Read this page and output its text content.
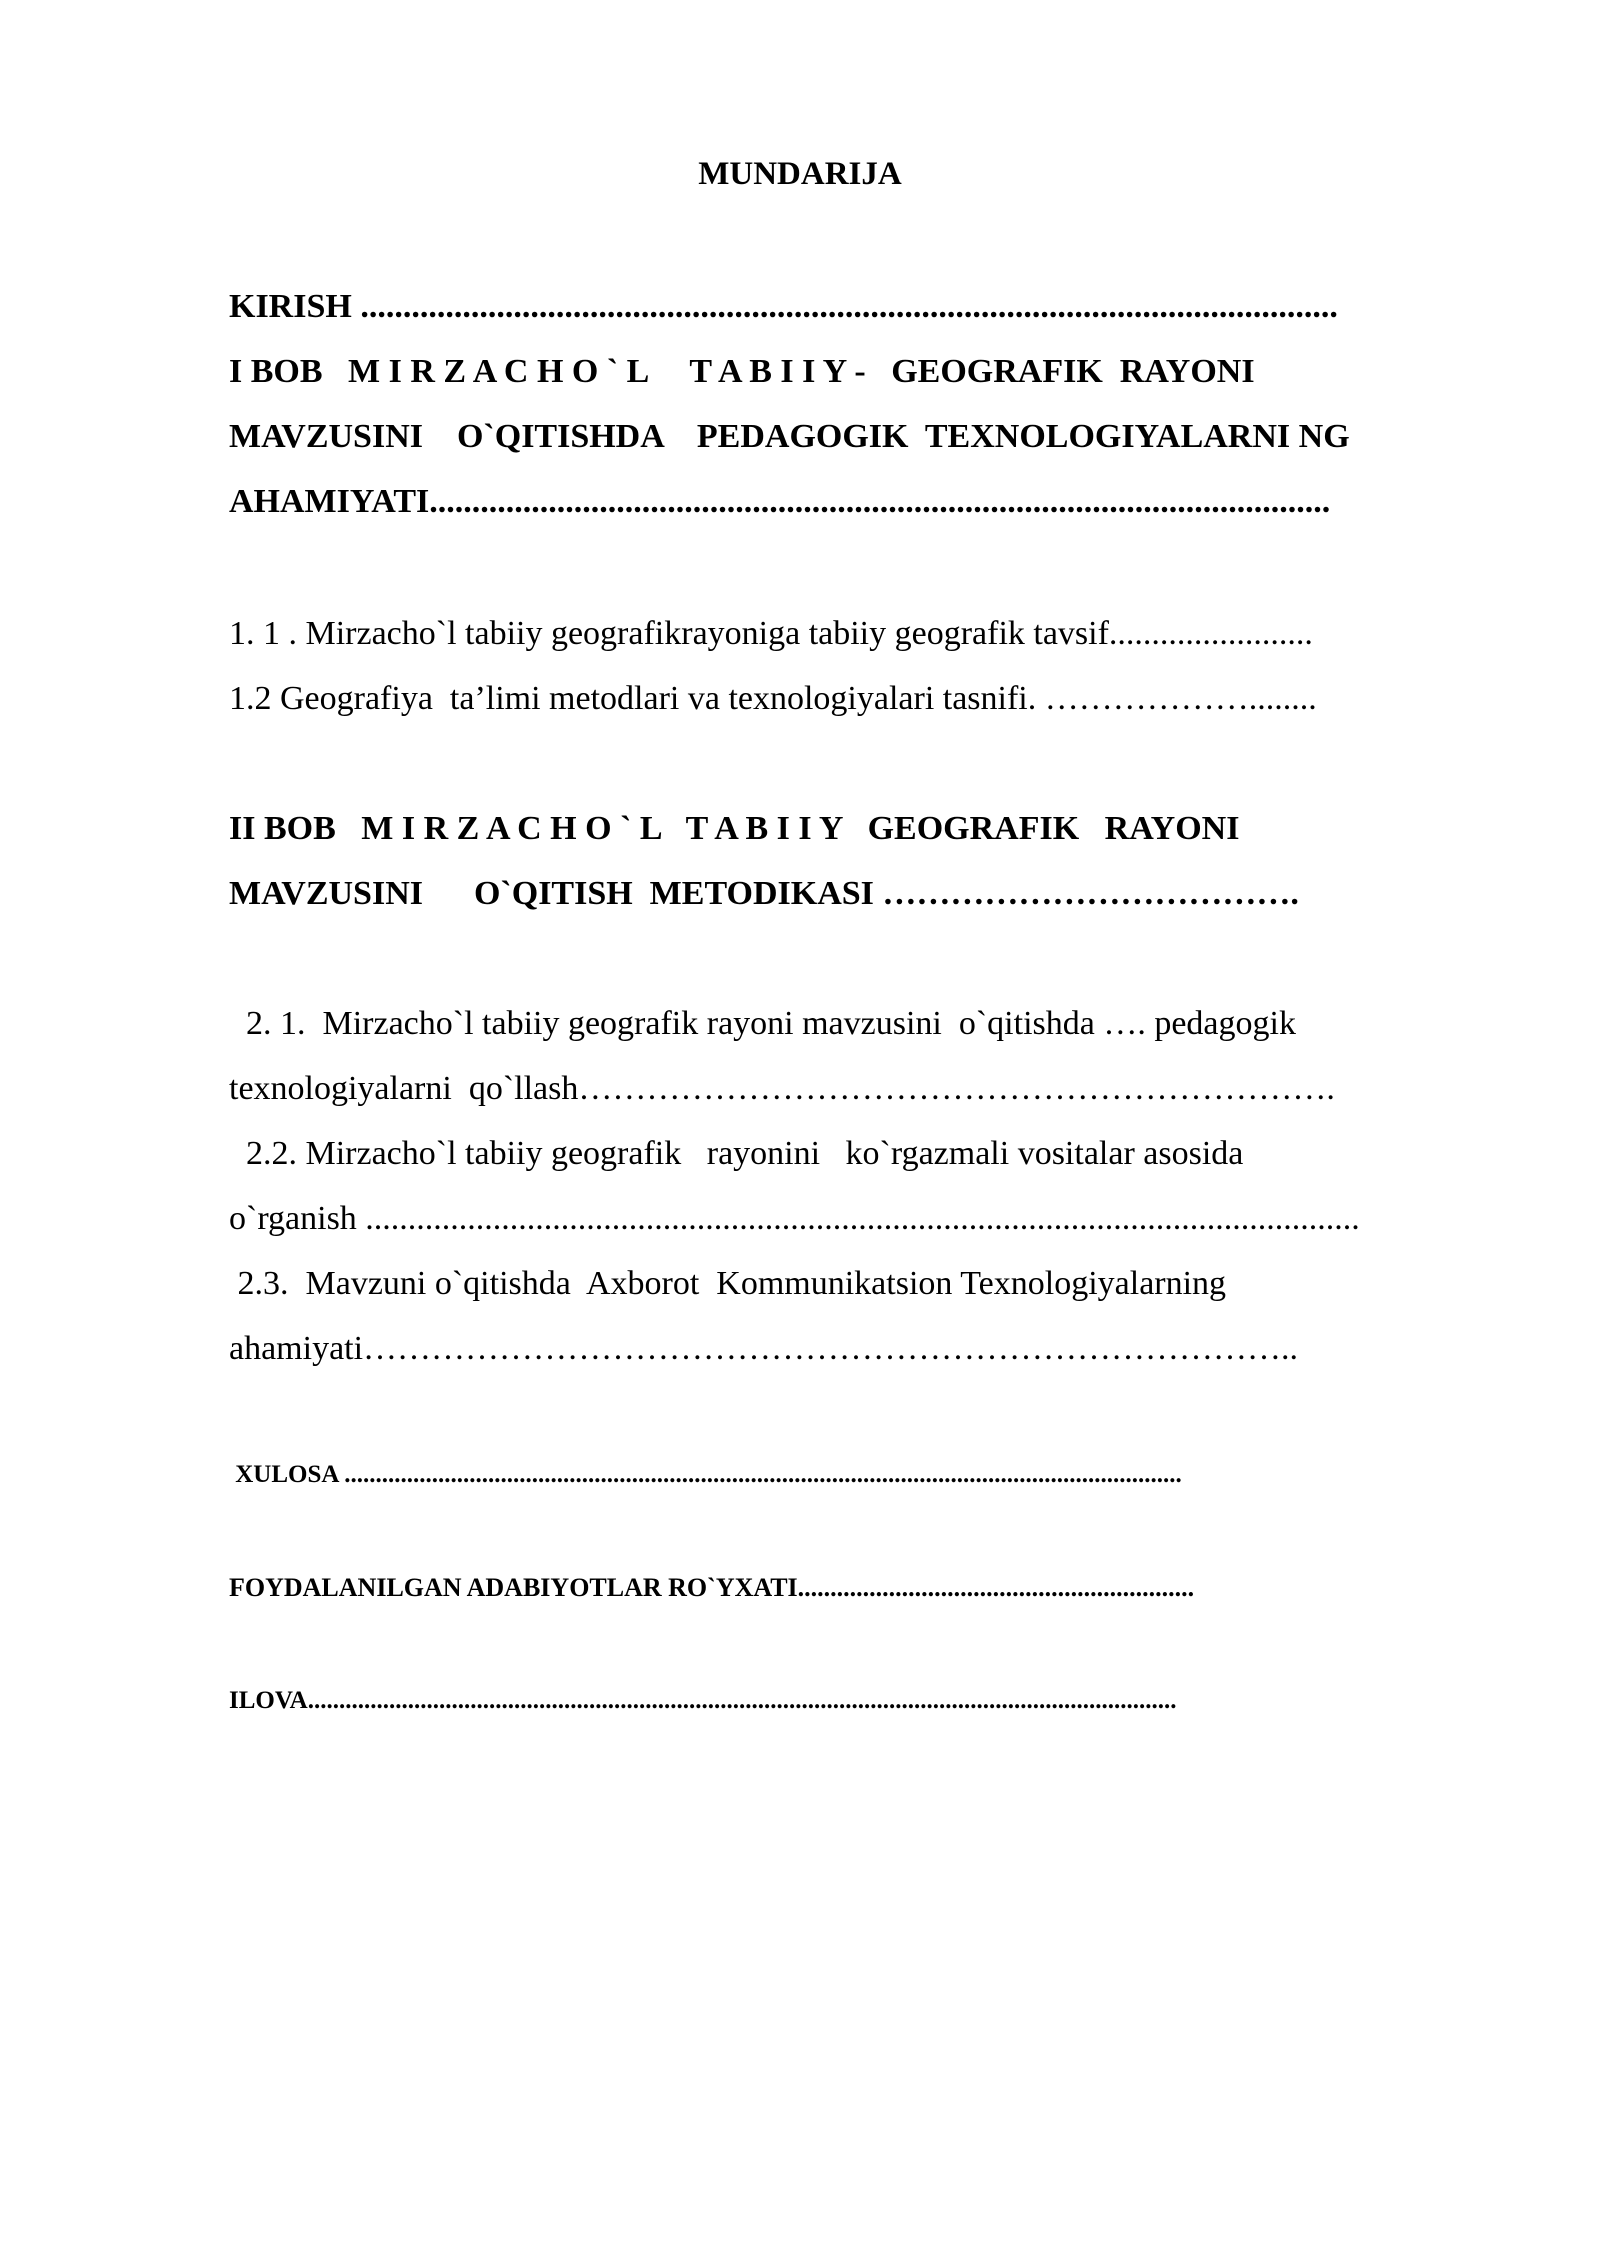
MUNDARIJA
KIRISH ...................................................................................................................
I BOB   M I R Z A C H O ` L     T A B I I Y -   GEOGRAFIK  RAYONI
MAVZUSINI    O`QITISHDA    PEDAGOGIK  TEXNOLOGIYALARNI NG
AHAMIYATI..........................................................................................................
1. 1 . Mirzacho`l tabiiy geografikrayoniga tabiiy geografik tavsif........................
1.2 Geografiya  ta’limi metodlari va texnologiyalari tasnifi. ………………........
II BOB   M I R Z A C H O ` L   T A B I I Y   GEOGRAFIK   RAYONI
MAVZUSINI      O`QITISH  METODIKASI ……………………………….
2. 1.  Mirzacho`l tabiiy geografik rayoni mavzusini  o`qitishda …. pedagogik
texnologiyalarni  qo`llash………………………………………………………….
2.2. Mirzacho`l tabiiy geografik   rayonini   ko`rgazmali vositalar asosida
o`rganish .....................................................................................................................
2.3.  Mavzuni o`qitishda  Axborot  Kommunikatsion Texnologiyalarning
ahamiyati………………………………………………………………………..
XULOSA ......................................................................................................................................
FOYDALANILGAN ADABIYOTLAR RO`YXATI.............................................................
ILOVA...........................................................................................................................................
